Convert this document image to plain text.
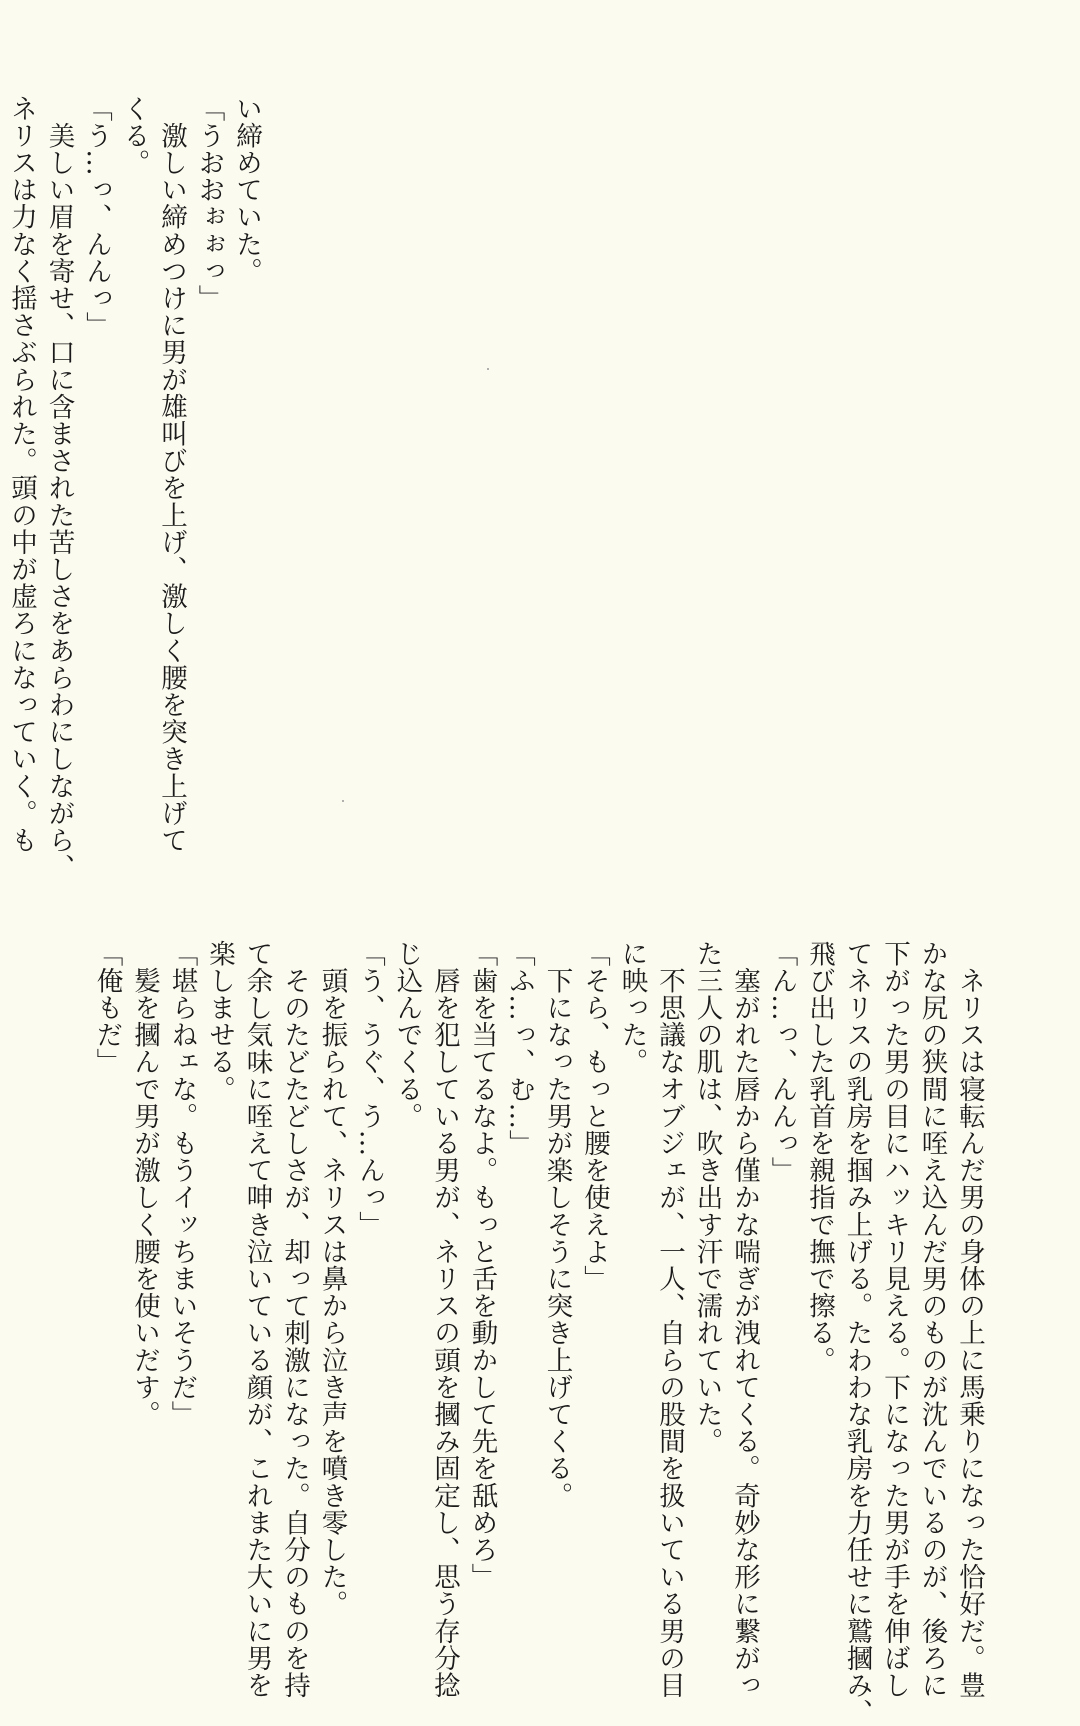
い締めていた。
「うおおぉぉっ」
　激しい締めつけに男が雄叫びを上げ、激しく腰を突き上げて
くる。
「う…っ、んんっ」
　美しい眉を寄せ、口に含まされた苦しさをあらわにしながら、
ネリスは力なく揺さぶられた。頭の中が虚ろになっていく。も
　ネリスは寝転んだ男の身体の上に馬乗りになった恰好だ。豊
かな尻の狭間に咥え込んだ男のものが沈んでいるのが、後ろに
下がった男の目にハッキリ見える。下になった男が手を伸ばし
てネリスの乳房を掴み上げる。たわわな乳房を力任せに鷲摑み、
飛び出した乳首を親指で撫で擦る。
「ん…っ、んんっ」
　塞がれた唇から僅かな喘ぎが洩れてくる。奇妙な形に繋がっ
た三人の肌は、吹き出す汗で濡れていた。
　不思議なオブジェが、一人、自らの股間を扱いている男の目
に映った。
「そら、もっと腰を使えよ」
　下になった男が楽しそうに突き上げてくる。
「ふ…っ、む…」
「歯を当てるなよ。もっと舌を動かして先を舐めろ」
　唇を犯している男が、ネリスの頭を摑み固定し、思う存分捻
じ込んでくる。
「う、うぐ、う…んっ」
　頭を振られて、ネリスは鼻から泣き声を噴き零した。
　そのたどたどしさが、却って刺激になった。自分のものを持
て余し気味に咥えて呻き泣いている顔が、これまた大いに男を
楽しませる。
「堪らねェな。もうイッちまいそうだ」
　髪を摑んで男が激しく腰を使いだす。
「俺もだ」
